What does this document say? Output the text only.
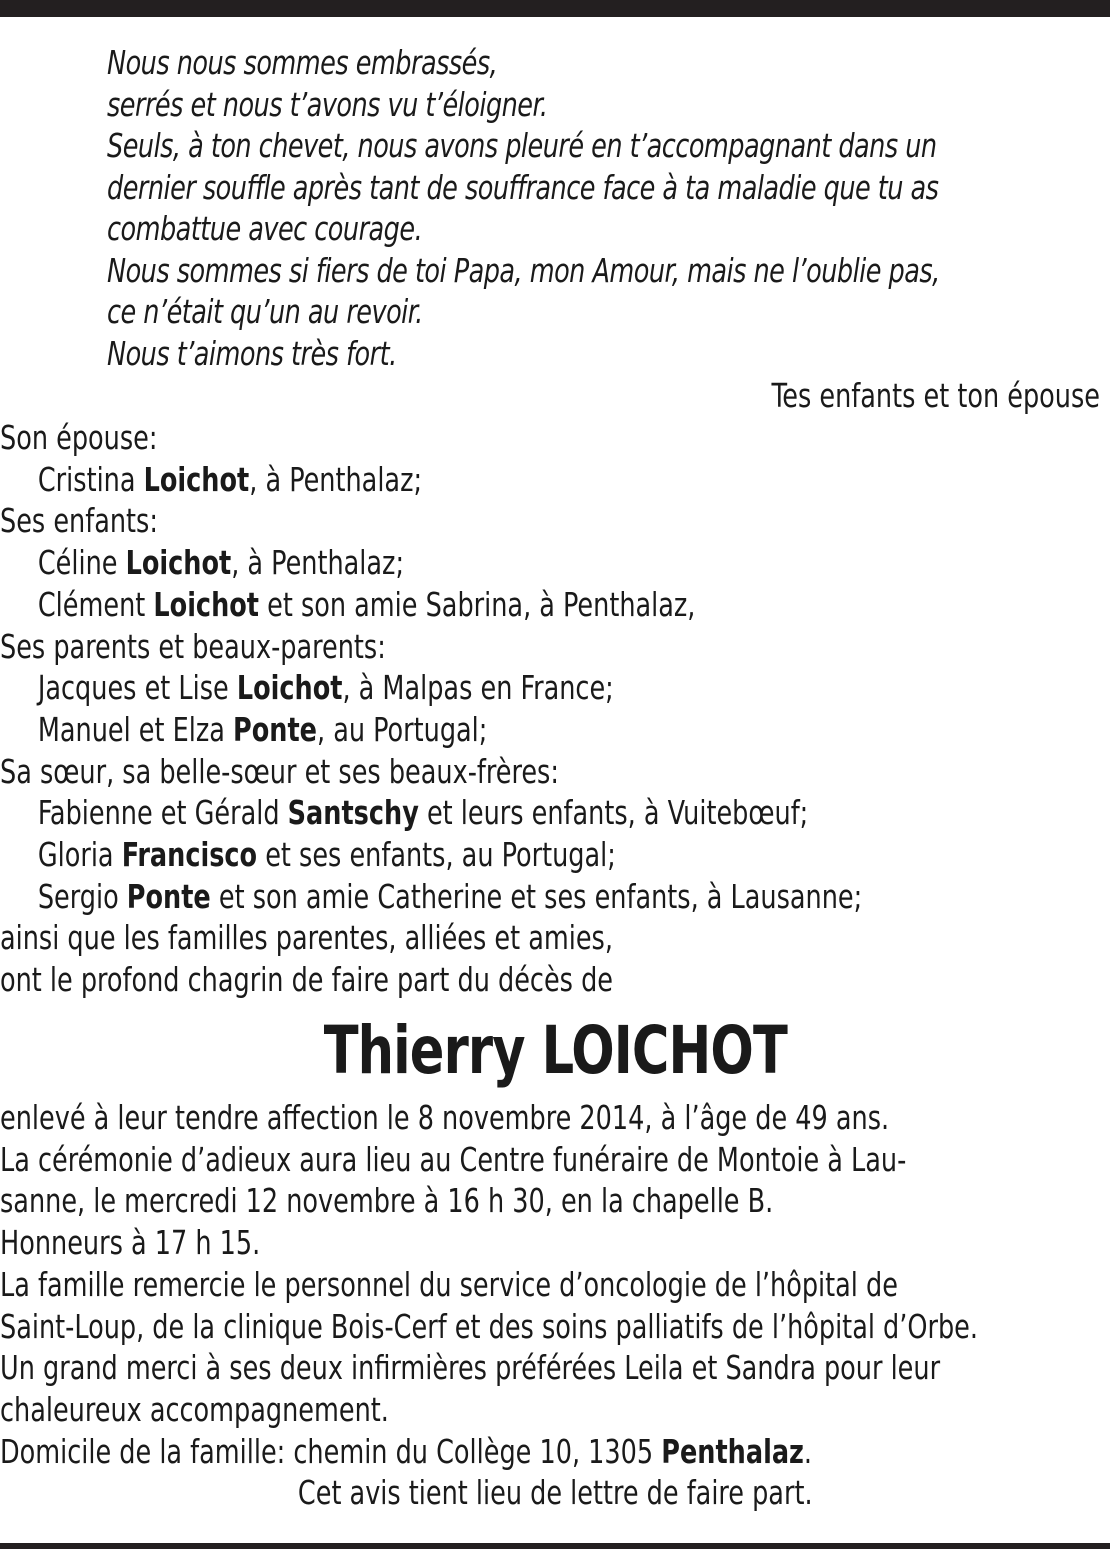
Nous nous sommes embrassés,
serrés et nous t’avons vu t’éloigner.
Seuls, à ton chevet, nous avons pleuré en t’accompagnant dans un
dernier souffle après tant de souffrance face à ta maladie que tu as
combattue avec courage.
Nous sommes si fiers de toi Papa, mon Amour, mais ne l’oublie pas,
ce n’était qu’un au revoir.
Nous t’aimons très fort.
Tes enfants et ton épouse
Son épouse:
Cristina Loichot, à Penthalaz;
Ses enfants:
Céline Loichot, à Penthalaz;
Clément Loichot et son amie Sabrina, à Penthalaz,
Ses parents et beaux-parents:
Jacques et Lise Loichot, à Malpas en France;
Manuel et Elza Ponte, au Portugal;
Sa sœur, sa belle-sœur et ses beaux-frères:
Fabienne et Gérald Santschy et leurs enfants, à Vuitebœuf;
Gloria Francisco et ses enfants, au Portugal;
Sergio Ponte et son amie Catherine et ses enfants, à Lausanne;
ainsi que les familles parentes, alliées et amies,
ont le profond chagrin de faire part du décès de
Thierry LOICHOT
enlevé à leur tendre affection le 8 novembre 2014, à l’âge de 49 ans.
La cérémonie d’adieux aura lieu au Centre funéraire de Montoie à Lau-
sanne, le mercredi 12 novembre à 16 h 30, en la chapelle B.
Honneurs à 17 h 15.
La famille remercie le personnel du service d’oncologie de l’hôpital de
Saint-Loup, de la clinique Bois-Cerf et des soins palliatifs de l’hôpital d’Orbe.
Un grand merci à ses deux infirmières préférées Leila et Sandra pour leur
chaleureux accompagnement.
Domicile de la famille: chemin du Collège 10, 1305 Penthalaz.
Cet avis tient lieu de lettre de faire part.
